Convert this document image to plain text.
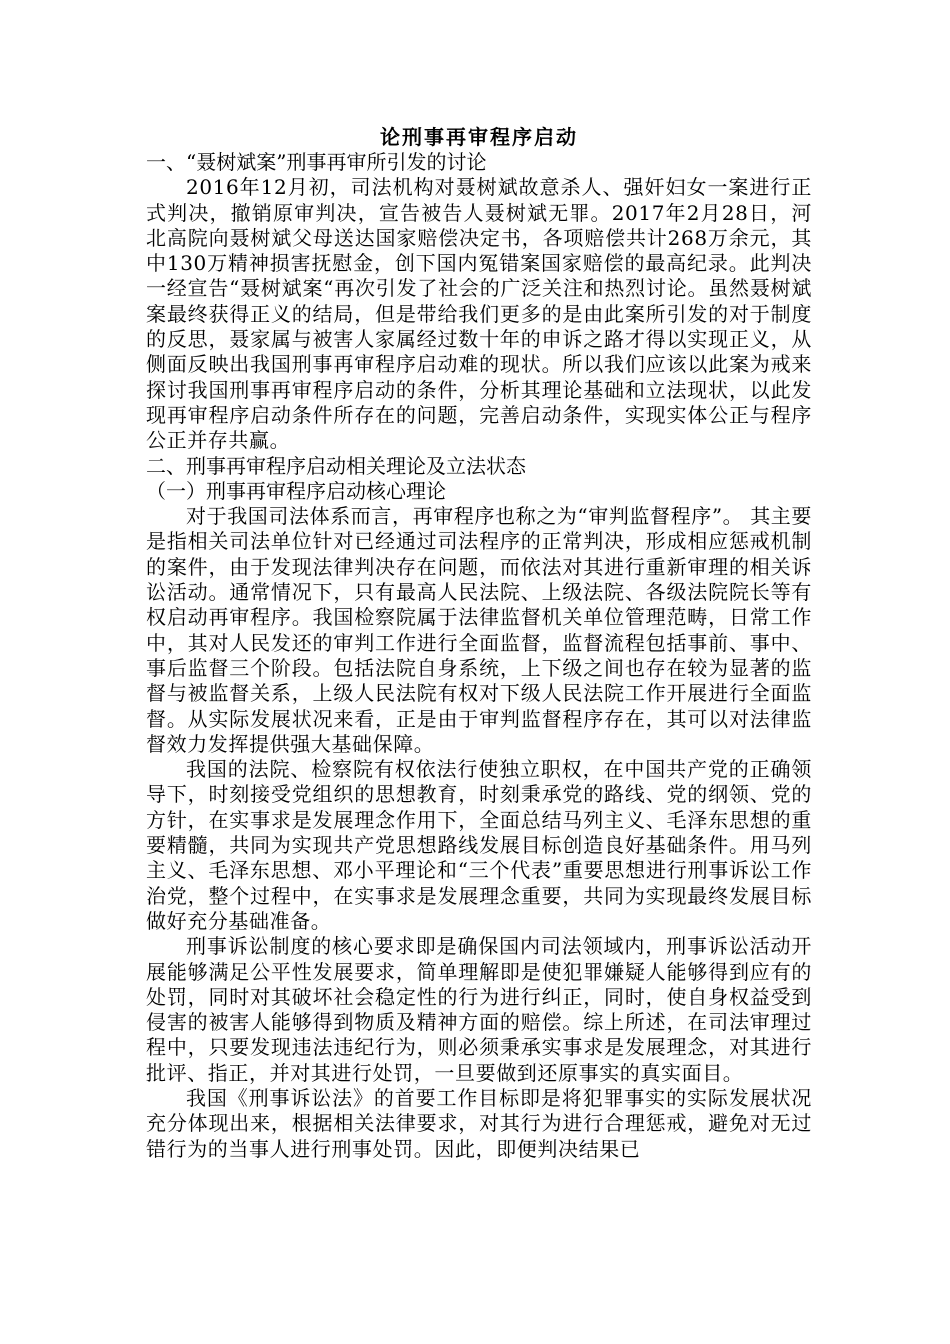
论刑事再审程序启动

一、“聂树斌案”刑事再审所引发的讨论

2016年12月初，司法机构对聂树斌故意杀人、强奸妇女一案进行正式判决，撤销原审判决，宣告被告人聂树斌无罪。2017年2月28日，河北高院向聂树斌父母送达国家赔偿决定书，各项赔偿共计268万余元，其中130万精神损害抚慰金，创下国内冤错案国家赔偿的最高纪录。此判决一经宣告“聂树斌案“再次引发了社会的广泛关注和热烈讨论。虽然聂树斌案最终获得正义的结局，但是带给我们更多的是由此案所引发的对于制度的反思，聂家属与被害人家属经过数十年的申诉之路才得以实现正义，从侧面反映出我国刑事再审程序启动难的现状。所以我们应该以此案为戒来探讨我国刑事再审程序启动的条件，分析其理论基础和立法现状，以此发现再审程序启动条件所存在的问题，完善启动条件，实现实体公正与程序公正并存共赢。

二、刑事再审程序启动相关理论及立法状态

（一）刑事再审程序启动核心理论

对于我国司法体系而言，再审程序也称之为“审判监督程序”。 其主要是指相关司法单位针对已经通过司法程序的正常判决，形成相应惩戒机制的案件，由于发现法律判决存在问题，而依法对其进行重新审理的相关诉讼活动。通常情况下，只有最高人民法院、上级法院、各级法院院长等有权启动再审程序。我国检察院属于法律监督机关单位管理范畴，日常工作中，其对人民发还的审判工作进行全面监督，监督流程包括事前、事中、事后监督三个阶段。包括法院自身系统，上下级之间也存在较为显著的监督与被监督关系，上级人民法院有权对下级人民法院工作开展进行全面监督。从实际发展状况来看，正是由于审判监督程序存在，其可以对法律监督效力发挥提供强大基础保障。

我国的法院、检察院有权依法行使独立职权，在中国共产党的正确领导下，时刻接受党组织的思想教育，时刻秉承党的路线、党的纲领、党的方针，在实事求是发展理念作用下，全面总结马列主义、毛泽东思想的重要精髓，共同为实现共产党思想路线发展目标创造良好基础条件。用马列主义、毛泽东思想、邓小平理论和“三个代表”重要思想进行刑事诉讼工作治党，整个过程中，在实事求是发展理念重要，共同为实现最终发展目标做好充分基础准备。

刑事诉讼制度的核心要求即是确保国内司法领域内，刑事诉讼活动开展能够满足公平性发展要求，简单理解即是使犯罪嫌疑人能够得到应有的处罚，同时对其破坏社会稳定性的行为进行纠正，同时，使自身权益受到侵害的被害人能够得到物质及精神方面的赔偿。综上所述，在司法审理过程中，只要发现违法违纪行为，则必须秉承实事求是发展理念，对其进行批评、指正，并对其进行处罚，一旦要做到还原事实的真实面目。

我国《刑事诉讼法》的首要工作目标即是将犯罪事实的实际发展状况充分体现出来，根据相关法律要求，对其行为进行合理惩戒，避免对无过错行为的当事人进行刑事处罚。因此，即便判决结果已
